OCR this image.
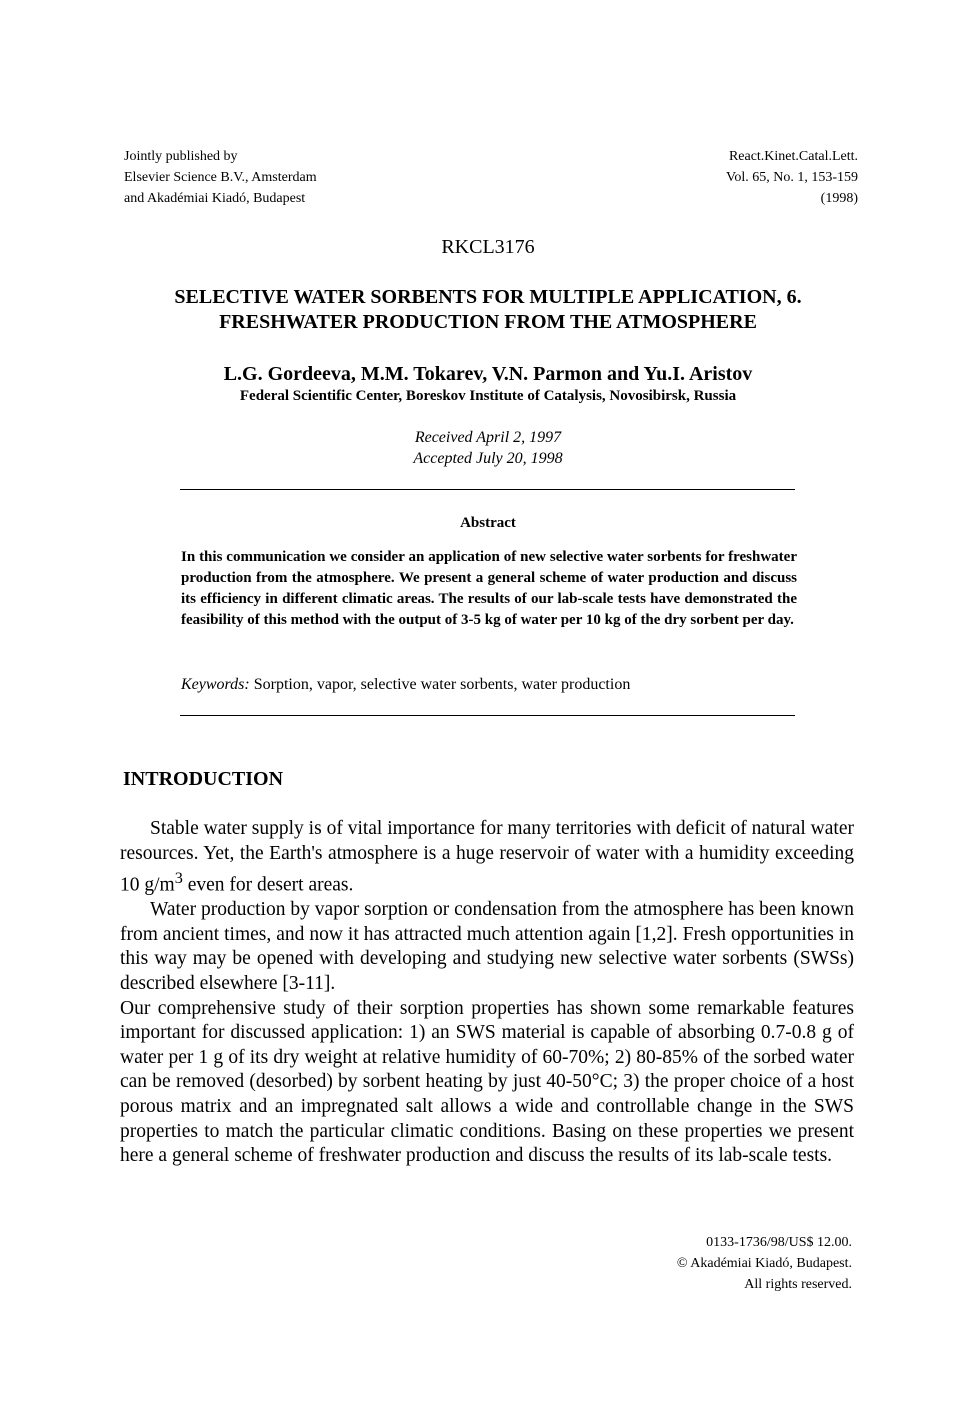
Jointly published by
Elsevier Science B.V., Amsterdam
and Akadémiai Kiadó, Budapest
React.Kinet.Catal.Lett.
Vol. 65, No. 1, 153-159
(1998)
RKCL3176
SELECTIVE WATER SORBENTS FOR MULTIPLE APPLICATION, 6.
FRESHWATER PRODUCTION FROM THE ATMOSPHERE
L.G. Gordeeva, M.M. Tokarev, V.N. Parmon and Yu.I. Aristov
Federal Scientific Center, Boreskov Institute of Catalysis, Novosibirsk, Russia
Received April 2, 1997
Accepted July 20, 1998
Abstract
In this communication we consider an application of new selective water sorbents for freshwater production from the atmosphere. We present a general scheme of water production and discuss its efficiency in different climatic areas. The results of our lab-scale tests have demonstrated the feasibility of this method with the output of 3-5 kg of water per 10 kg of the dry sorbent per day.
Keywords: Sorption, vapor, selective water sorbents, water production
INTRODUCTION

Stable water supply is of vital importance for many territories with deficit of natural water resources. Yet, the Earth's atmosphere is a huge reservoir of water with a humidity exceeding 10 $g/m^3$ even for desert areas.

Water production by vapor sorption or condensation from the atmosphere has been known from ancient times, and now it has attracted much attention again [1,2]. Fresh opportunities in this way may be opened with developing and studying new selective water sorbents (SWSs) described elsewhere [3-11].

Our comprehensive study of their sorption properties has shown some remarkable features important for discussed application: 1) an SWS material is capable of absorbing 0.7-0.8 g of water per 1 g of its dry weight at relative humidity of 60-70%; 2) 80-85% of the sorbed water can be removed (desorbed) by sorbent heating by just 40-50°C; 3) the proper choice of a host porous matrix and an impregnated salt allows a wide and controllable change in the SWS properties to match the particular climatic conditions. Basing on these properties we present here a general scheme of freshwater production and discuss the results of its lab-scale tests.

0133-1736/98/US$ 12.00.
© Akadémiai Kiadó, Budapest.
All rights reserved.
